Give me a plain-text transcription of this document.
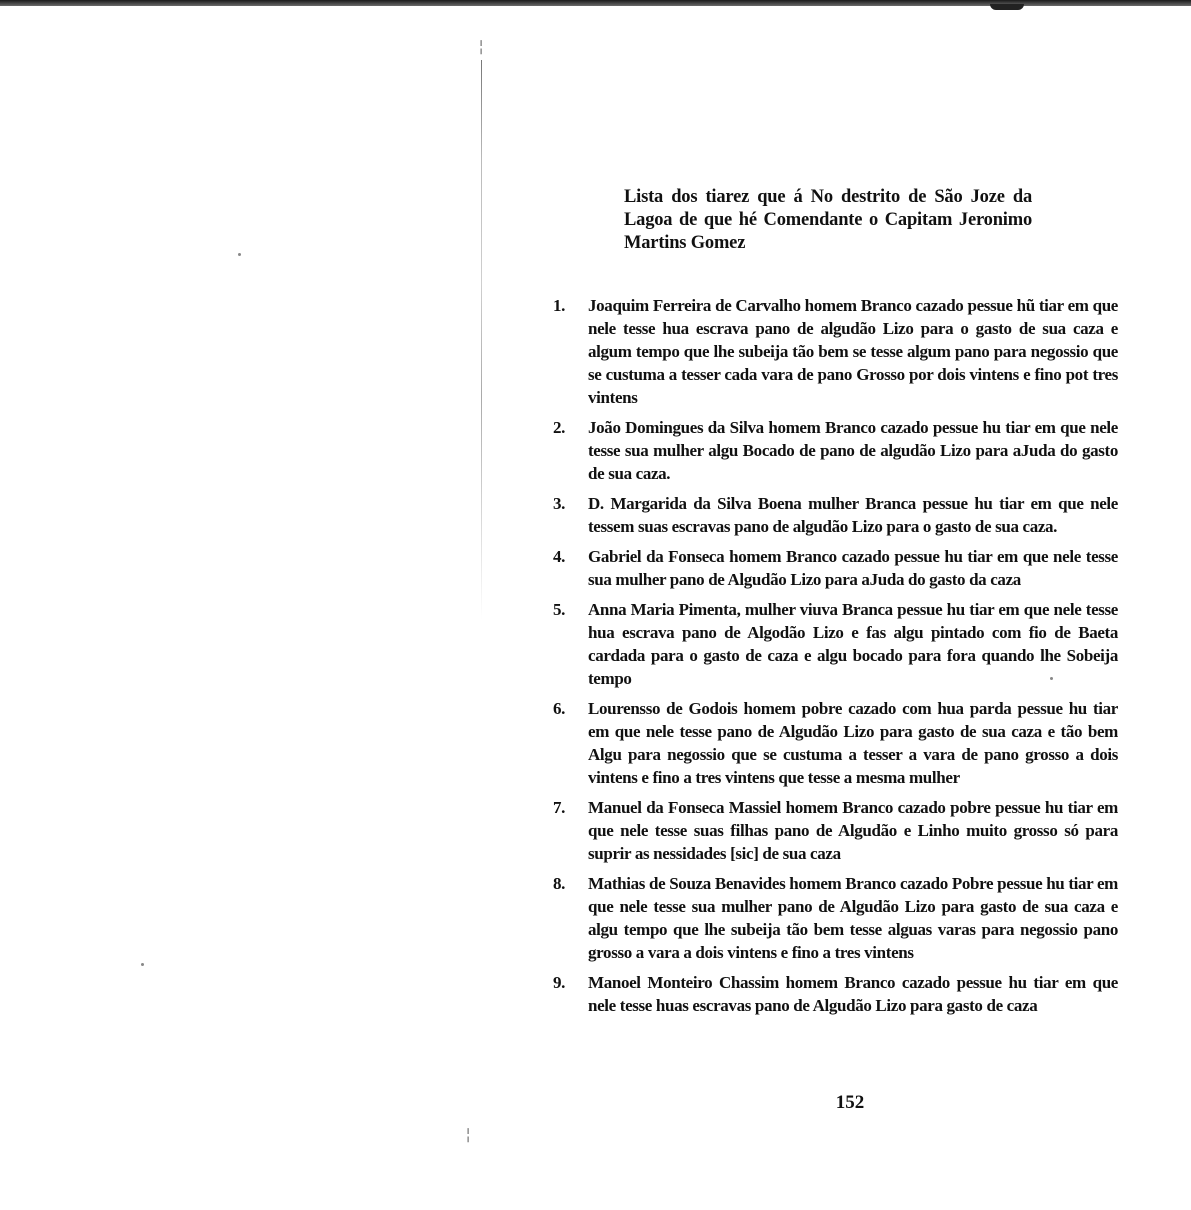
╎
╎
Lista dos tiarez que á No destrito de São Joze da Lagoa de que hé Comendante o Capitam Jeronimo Martins Gomez
1.	Joaquim Ferreira de Carvalho homem Branco cazado pessue hũ tiar em que nele tesse hua escrava pano de algudão Lizo para o gasto de sua caza e algum tempo que lhe subeija tão bem se tesse algum pano para negossio que se custuma a tesser cada vara de pano Grosso por dois vintens e fino pot tres vintens
2.	João Domingues da Silva homem Branco cazado pessue hu tiar em que nele tesse sua mulher algu Bocado de pano de algudão Lizo para aJuda do gasto de sua caza.
3.	D. Margarida da Silva Boena mulher Branca pessue hu tiar em que nele tessem suas escravas pano de algudão Lizo para o gasto de sua caza.
4.	Gabriel da Fonseca homem Branco cazado pessue hu tiar em que nele tesse sua mulher pano de Algudão Lizo para aJuda do gasto da caza
5.	Anna Maria Pimenta, mulher viuva Branca pessue hu tiar em que nele tesse hua escrava pano de Algodão Lizo e fas algu pintado com fio de Baeta cardada para o gasto de caza e algu bocado para fora quando lhe Sobeija tempo
6.	Lourensso de Godois homem pobre cazado com hua parda pessue hu tiar em que nele tesse pano de Algudão Lizo para gasto de sua caza e tão bem Algu para negossio que se custuma a tesser a vara de pano grosso a dois vintens e fino a tres vintens que tesse a mesma mulher
7.	Manuel da Fonseca Massiel homem Branco cazado pobre pessue hu tiar em que nele tesse suas filhas pano de Algudão e Linho muito grosso só para suprir as nessidades [sic] de sua caza
8.	Mathias de Souza Benavides homem Branco cazado Pobre pessue hu tiar em que nele tesse sua mulher pano de Algudão Lizo para gasto de sua caza e algu tempo que lhe subeija tão bem tesse alguas varas para negossio pano grosso a vara a dois vintens e fino a tres vintens
9.	Manoel Monteiro Chassim homem Branco cazado pessue hu tiar em que nele tesse huas escravas pano de Algudão Lizo para gasto de caza
152
